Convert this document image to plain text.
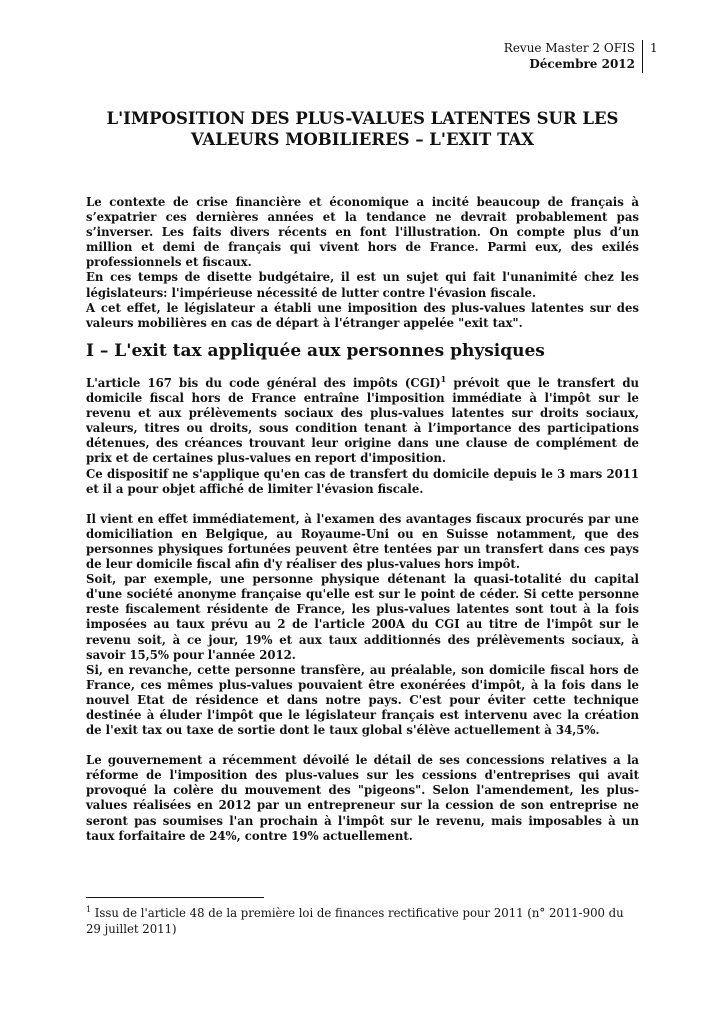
Revue Master 2 OFIS
Décembre 2012
1
L'IMPOSITION DES PLUS-VALUES LATENTES SUR LES
VALEURS MOBILIERES – L'EXIT TAX

Le contexte de crise financière et économique a incité beaucoup de français à s’expatrier ces dernières années et la tendance ne devrait probablement pas s’inverser. Les faits divers récents en font l'illustration. On compte plus d’un million et demi de français qui vivent hors de France. Parmi eux, des exilés professionnels et fiscaux.

En ces temps de disette budgétaire, il est un sujet qui fait l'unanimité chez les législateurs: l'impérieuse nécessité de lutter contre l'évasion fiscale.

A cet effet, le législateur a établi une imposition des plus-values latentes sur des valeurs mobilières en cas de départ à l'étranger appelée "exit tax".

I – L'exit tax appliquée aux personnes physiques

L'article 167 bis du code général des impôts (CGI)$^1$ prévoit que le transfert du domicile fiscal hors de France entraîne l'imposition immédiate à l'impôt sur le revenu et aux prélèvements sociaux des plus-values latentes sur droits sociaux, valeurs, titres ou droits, sous condition tenant à l’importance des participations détenues, des créances trouvant leur origine dans une clause de complément de prix et de certaines plus-values en report d'imposition.

Ce dispositif ne s'applique qu'en cas de transfert du domicile depuis le 3 mars 2011 et il a pour objet affiché de limiter l'évasion fiscale.

Il vient en effet immédiatement, à l'examen des avantages fiscaux procurés par une domiciliation en Belgique, au Royaume-Uni ou en Suisse notamment, que des personnes physiques fortunées peuvent être tentées par un transfert dans ces pays de leur domicile fiscal afin d'y réaliser des plus-values hors impôt.

Soit, par exemple, une personne physique détenant la quasi-totalité du capital d'une société anonyme française qu'elle est sur le point de céder. Si cette personne reste fiscalement résidente de France, les plus-values latentes sont tout à la fois imposées au taux prévu au 2 de l'article 200A du CGI au titre de l'impôt sur le revenu soit, à ce jour, 19% et aux taux additionnés des prélèvements sociaux, à savoir 15,5% pour l'année 2012.

Si, en revanche, cette personne transfère, au préalable, son domicile fiscal hors de France, ces mêmes plus-values pouvaient être exonérées d'impôt, à la fois dans le nouvel Etat de résidence et dans notre pays. C'est pour éviter cette technique destinée à éluder l'impôt que le législateur français est intervenu avec la création de l'exit tax ou taxe de sortie dont le taux global s'élève actuellement à 34,5%.

Le gouvernement a récemment dévoilé le détail de ses concessions relatives a la réforme de l'imposition des plus-values sur les cessions d'entreprises qui avait provoqué la colère du mouvement des "pigeons". Selon l'amendement, les plus-values réalisées en 2012 par un entrepreneur sur la cession de son entreprise ne seront pas soumises l'an prochain à l'impôt sur le revenu, mais imposables à un taux forfaitaire de 24%, contre 19% actuellement.

$^1$ Issu de l'article 48 de la première loi de finances rectificative pour 2011 (n° 2011-900 du 29 juillet 2011)
